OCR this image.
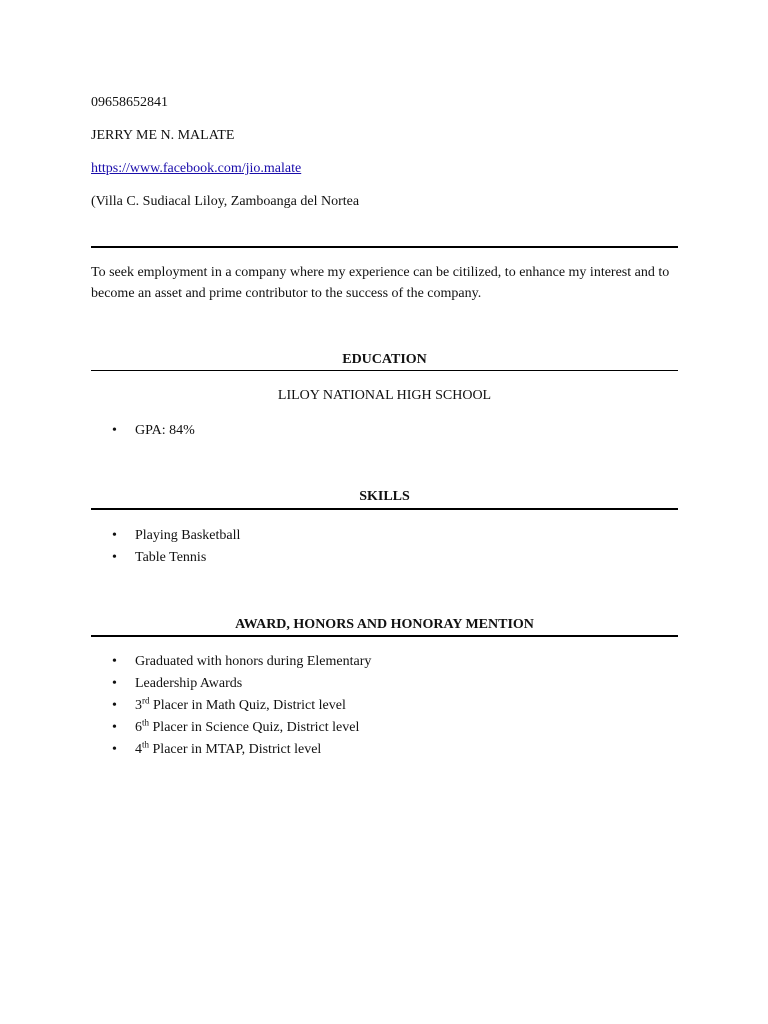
09658652841
JERRY ME N. MALATE
https://www.facebook.com/jio.malate
(Villa C. Sudiacal Liloy, Zamboanga del Nortea
To seek employment in a company where my experience can be citilized, to enhance my interest and to become an asset and prime contributor to the success of the company.
EDUCATION
LILOY NATIONAL HIGH SCHOOL
• GPA: 84%
SKILLS
• Playing Basketball
• Table Tennis
AWARD, HONORS AND HONORAY MENTION
• Graduated with honors during Elementary
• Leadership Awards
• 3rd Placer in Math Quiz, District level
• 6th Placer in Science Quiz, District level
• 4th Placer in MTAP, District level
